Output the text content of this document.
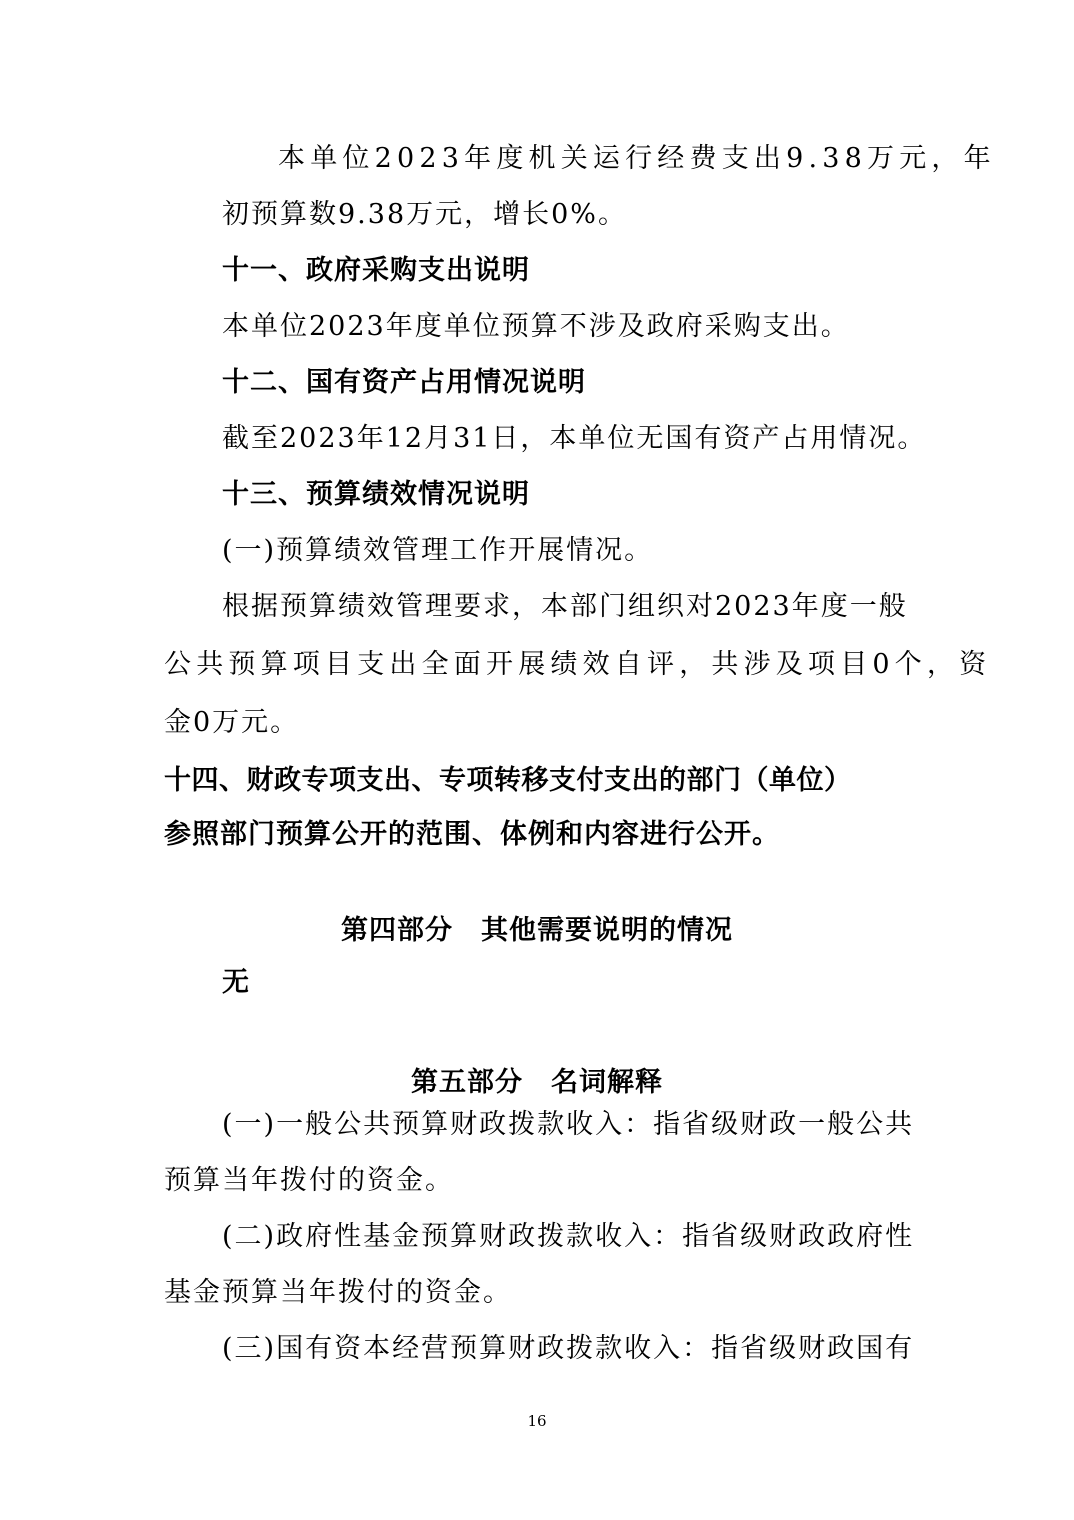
本单位2023年度机关运行经费支出9.38万元，年
初预算数9.38万元，增长0%。
十一、政府采购支出说明
本单位2023年度单位预算不涉及政府采购支出。
十二、国有资产占用情况说明
截至2023年12月31日，本单位无国有资产占用情况。
十三、预算绩效情况说明
(一)预算绩效管理工作开展情况。
根据预算绩效管理要求，本部门组织对2023年度一般
公共预算项目支出全面开展绩效自评，共涉及项目0个，资
金0万元。
十四、财政专项支出、专项转移支付支出的部门（单位）
参照部门预算公开的范围、体例和内容进行公开。
第四部分　其他需要说明的情况
无
第五部分　名词解释
(一)一般公共预算财政拨款收入：指省级财政一般公共
预算当年拨付的资金。
(二)政府性基金预算财政拨款收入：指省级财政政府性
基金预算当年拨付的资金。
(三)国有资本经营预算财政拨款收入：指省级财政国有
16
